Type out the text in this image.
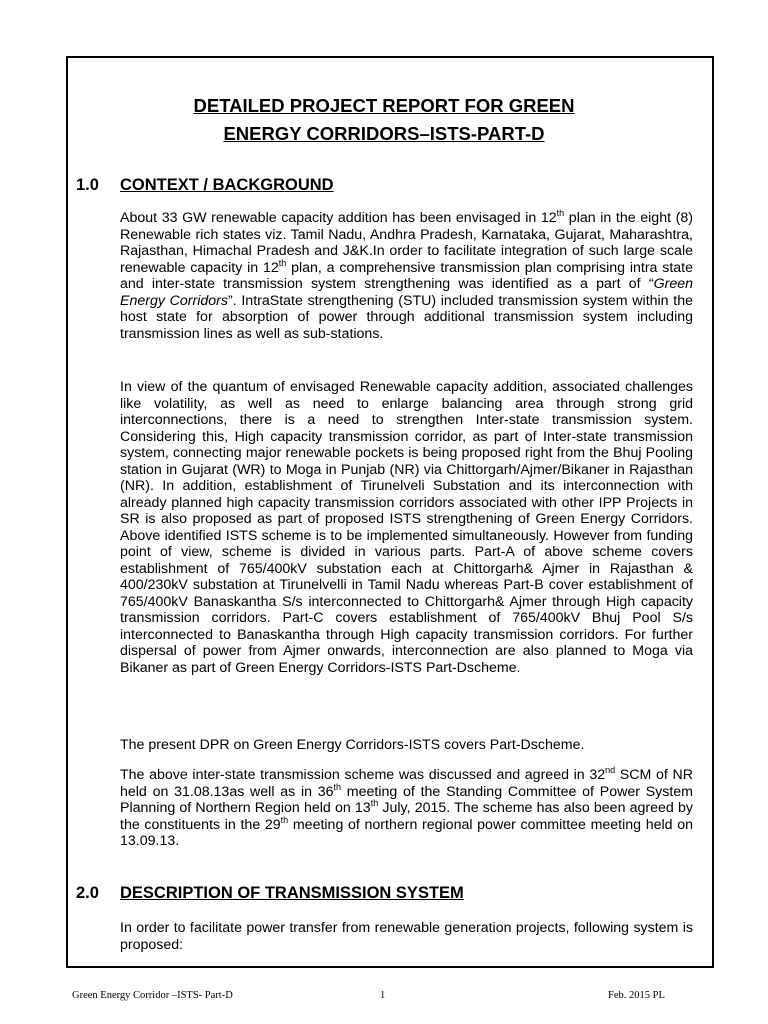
DETAILED PROJECT REPORT FOR GREEN
ENERGY CORRIDORS–ISTS-PART-D
1.0 CONTEXT / BACKGROUND

About 33 GW renewable capacity addition has been envisaged in 12th plan in the eight (8) Renewable rich states viz. Tamil Nadu, Andhra Pradesh, Karnataka, Gujarat, Maharashtra, Rajasthan, Himachal Pradesh and J&K.In order to facilitate integration of such large scale renewable capacity in 12th plan, a comprehensive transmission plan comprising intra state and inter-state transmission system strengthening was identified as a part of “Green Energy Corridors”. IntraState strengthening (STU) included transmission system within the host state for absorption of power through additional transmission system including transmission lines as well as sub-stations.

In view of the quantum of envisaged Renewable capacity addition, associated challenges like volatility, as well as need to enlarge balancing area through strong grid interconnections, there is a need to strengthen Inter-state transmission system. Considering this, High capacity transmission corridor, as part of Inter-state transmission system, connecting major renewable pockets is being proposed right from the Bhuj Pooling station in Gujarat (WR) to Moga in Punjab (NR) via Chittorgarh/Ajmer/Bikaner in Rajasthan (NR). In addition, establishment of Tirunelveli Substation and its interconnection with already planned high capacity transmission corridors associated with other IPP Projects in SR is also proposed as part of proposed ISTS strengthening of Green Energy Corridors. Above identified ISTS scheme is to be implemented simultaneously. However from funding point of view, scheme is divided in various parts. Part-A of above scheme covers establishment of 765/400kV substation each at Chittorgarh& Ajmer in Rajasthan & 400/230kV substation at Tirunelvelli in Tamil Nadu whereas Part-B cover establishment of 765/400kV Banaskantha S/s interconnected to Chittorgarh& Ajmer through High capacity transmission corridors. Part-C covers establishment of 765/400kV Bhuj Pool S/s interconnected to Banaskantha through High capacity transmission corridors. For further dispersal of power from Ajmer onwards, interconnection are also planned to Moga via Bikaner as part of Green Energy Corridors-ISTS Part-Dscheme.

The present DPR on Green Energy Corridors-ISTS covers Part-Dscheme.

The above inter-state transmission scheme was discussed and agreed in 32nd SCM of NR held on 31.08.13as well as in 36th meeting of the Standing Committee of Power System Planning of Northern Region held on 13th July, 2015. The scheme has also been agreed by the constituents in the 29th meeting of northern regional power committee meeting held on 13.09.13.

2.0 DESCRIPTION OF TRANSMISSION SYSTEM

In order to facilitate power transfer from renewable generation projects, following system is proposed:

Green Energy Corridor –ISTS- Part-D	1	Feb. 2015 PL
